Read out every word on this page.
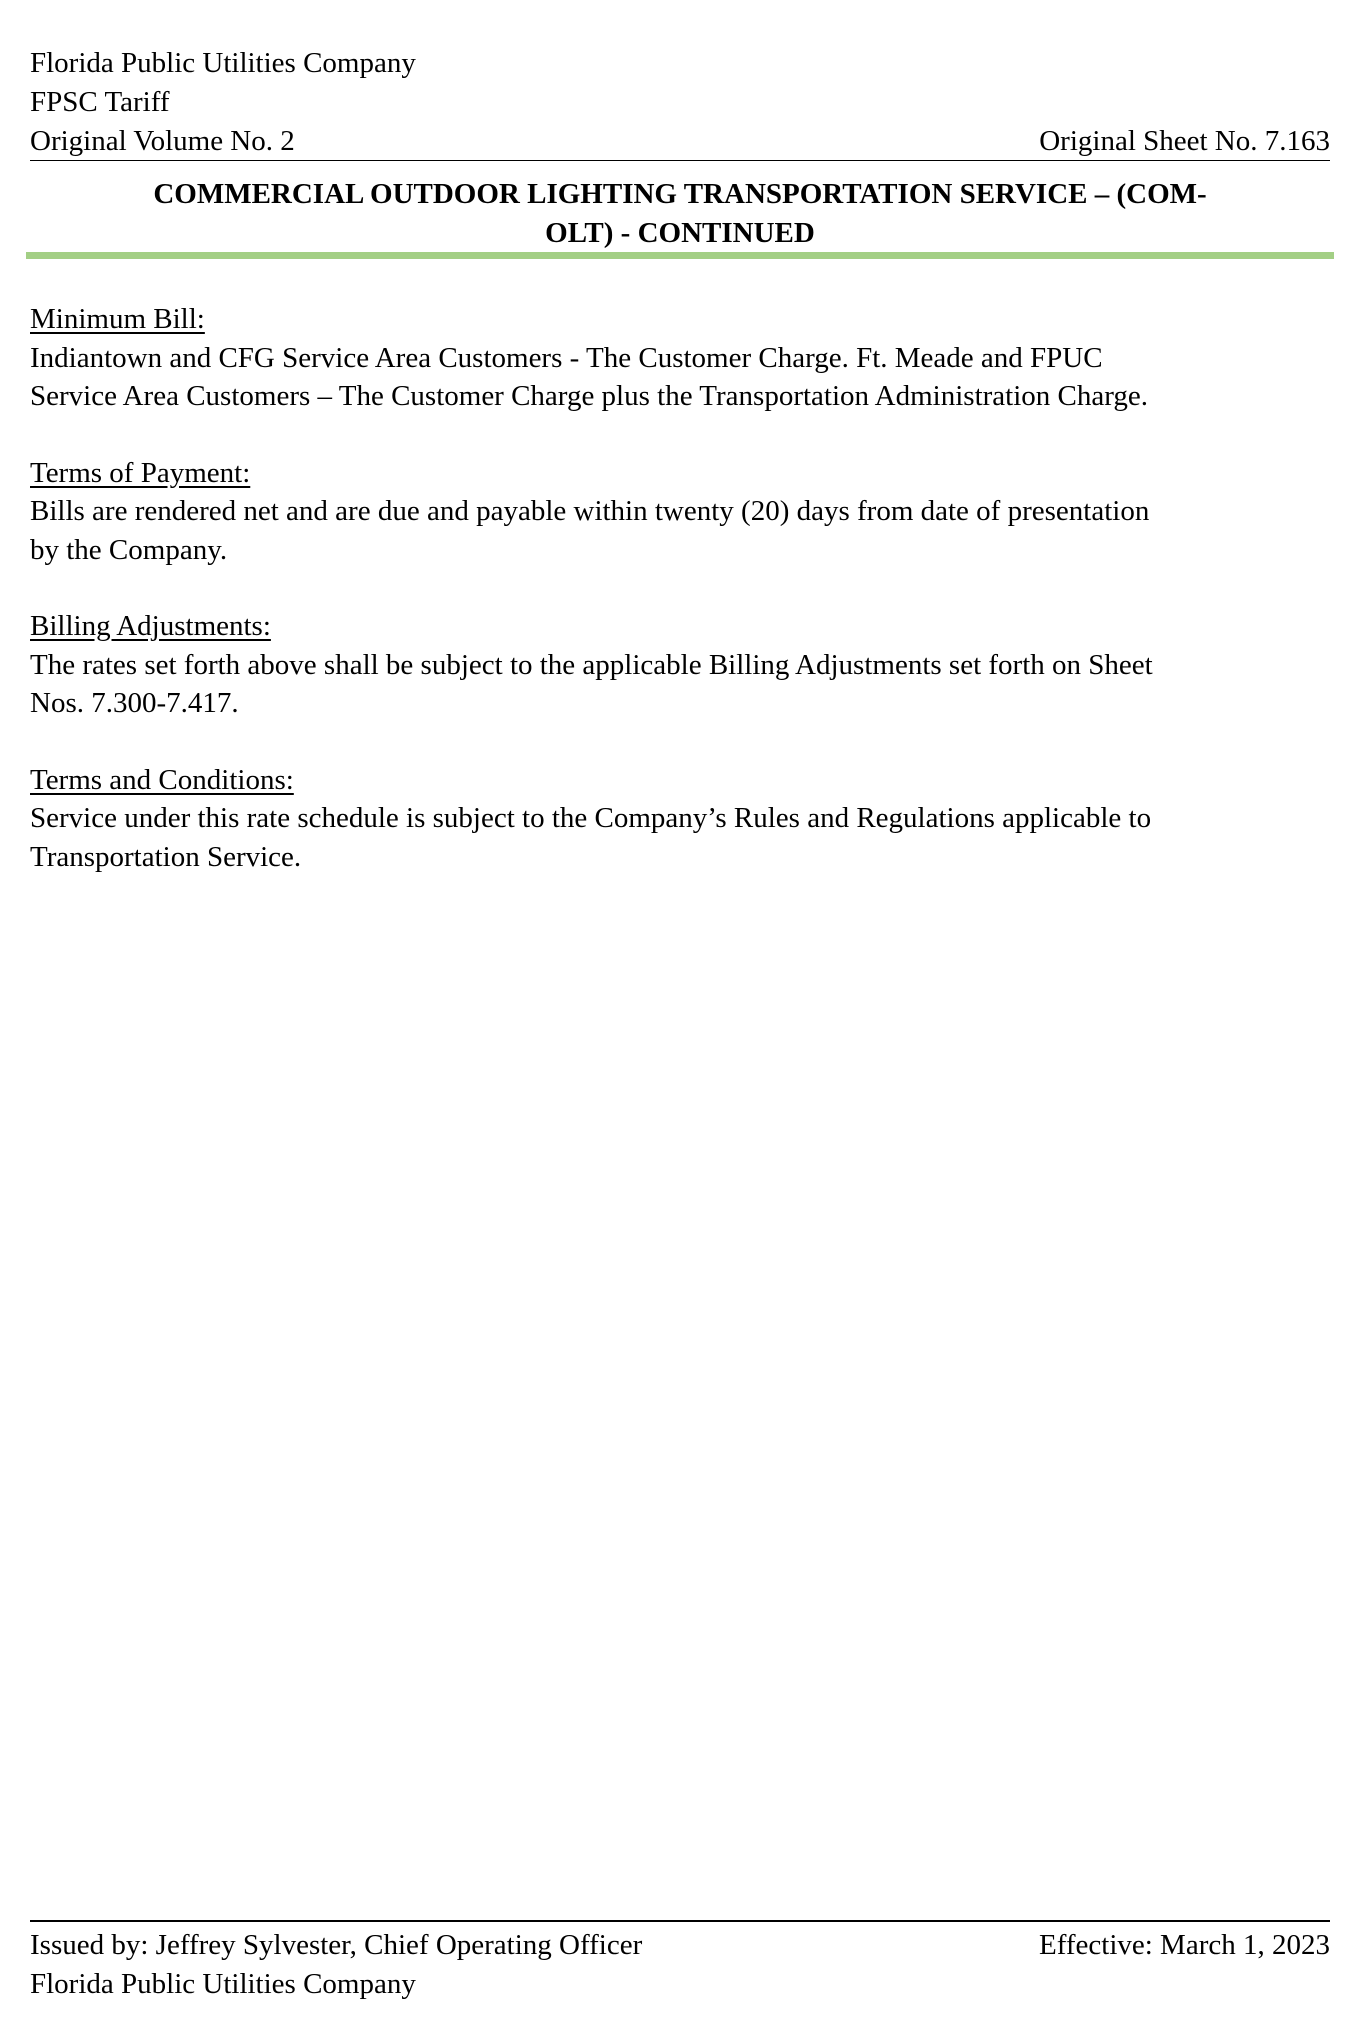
Florida Public Utilities Company
FPSC Tariff
Original Volume No. 2	Original Sheet No. 7.163
COMMERCIAL OUTDOOR LIGHTING TRANSPORTATION SERVICE – (COM-
OLT) - CONTINUED
Minimum Bill:
Indiantown and CFG Service Area Customers - The Customer Charge. Ft. Meade and FPUC
Service Area Customers – The Customer Charge plus the Transportation Administration Charge.
Terms of Payment:
Bills are rendered net and are due and payable within twenty (20) days from date of presentation
by the Company.
Billing Adjustments:
The rates set forth above shall be subject to the applicable Billing Adjustments set forth on Sheet
Nos. 7.300-7.417.
Terms and Conditions:
Service under this rate schedule is subject to the Company’s Rules and Regulations applicable to
Transportation Service.
Issued by: Jeffrey Sylvester, Chief Operating Officer	Effective: March 1, 2023
Florida Public Utilities Company
